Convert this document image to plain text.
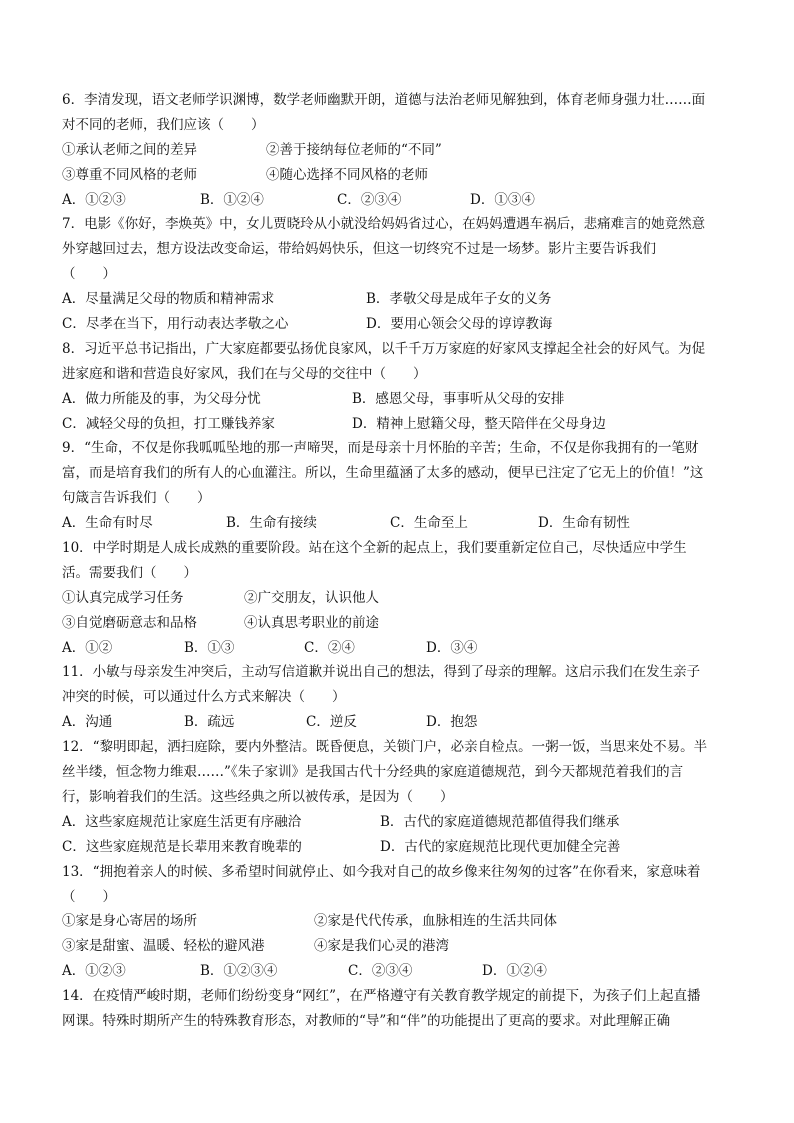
6．李清发现，语文老师学识渊博，数学老师幽默开朗，道德与法治老师见解独到，体育老师身强力壮……面
对不同的老师，我们应该（　　）
①承认老师之间的差异	②善于接纳每位老师的“不同”
③尊重不同风格的老师	④随心选择不同风格的老师
A．①②③	B．①②④	C．②③④	D．①③④
7．电影《你好，李焕英》中，女儿贾晓玲从小就没给妈妈省过心，在妈妈遭遇车祸后，悲痛难言的她竟然意
外穿越回过去，想方设法改变命运，带给妈妈快乐，但这一切终究不过是一场梦。影片主要告诉我们
（　　）
A．尽量满足父母的物质和精神需求	B．孝敬父母是成年子女的义务
C．尽孝在当下，用行动表达孝敬之心	D．要用心领会父母的谆谆教诲
8．习近平总书记指出，广大家庭都要弘扬优良家风，以千千万万家庭的好家风支撑起全社会的好风气。为促
进家庭和谐和营造良好家风，我们在与父母的交往中（　　）
A．做力所能及的事，为父母分忧	B．感恩父母，事事听从父母的安排
C．减轻父母的负担，打工赚钱养家	D．精神上慰籍父母，整天陪伴在父母身边
9．“生命，不仅是你我呱呱坠地的那一声啼哭，而是母亲十月怀胎的辛苦；生命，不仅是你我拥有的一笔财
富，而是培育我们的所有人的心血灌注。所以，生命里蕴涵了太多的感动，便早已注定了它无上的价值！”这
句箴言告诉我们（　　）
A．生命有时尽	B．生命有接续	C．生命至上	D．生命有韧性
10．中学时期是人成长成熟的重要阶段。站在这个全新的起点上，我们要重新定位自己，尽快适应中学生
活。需要我们（　　）
①认真完成学习任务	②广交朋友，认识他人
③自觉磨砺意志和品格	④认真思考职业的前途
A．①②	B．①③	C．②④	D．③④
11．小敏与母亲发生冲突后，主动写信道歉并说出自己的想法，得到了母亲的理解。这启示我们在发生亲子
冲突的时候，可以通过什么方式来解决（　　）
A．沟通	B．疏远	C．逆反	D．抱怨
12．“黎明即起，洒扫庭除，要内外整洁。既昏便息，关锁门户，必亲自检点。一粥一饭，当思来处不易。半
丝半缕，恒念物力维艰……”《朱子家训》是我国古代十分经典的家庭道德规范，到今天都规范着我们的言
行，影响着我们的生活。这些经典之所以被传承，是因为（　　）
A．这些家庭规范让家庭生活更有序融洽	B．古代的家庭道德规范都值得我们继承
C．这些家庭规范是长辈用来教育晚辈的	D．古代的家庭规范比现代更加健全完善
13．“拥抱着亲人的时候、多希望时间就停止、如今我对自己的故乡像来往匆匆的过客”在你看来，家意味着
（　　）
①家是身心寄居的场所	②家是代代传承，血脉相连的生活共同体
③家是甜蜜、温暖、轻松的避风港	④家是我们心灵的港湾
A．①②③	B．①②③④	C．②③④	D．①②④
14．在疫情严峻时期，老师们纷纷变身“网红”，在严格遵守有关教育教学规定的前提下，为孩子们上起直播
网课。特殊时期所产生的特殊教育形态，对教师的“导”和“伴”的功能提出了更高的要求。对此理解正确
